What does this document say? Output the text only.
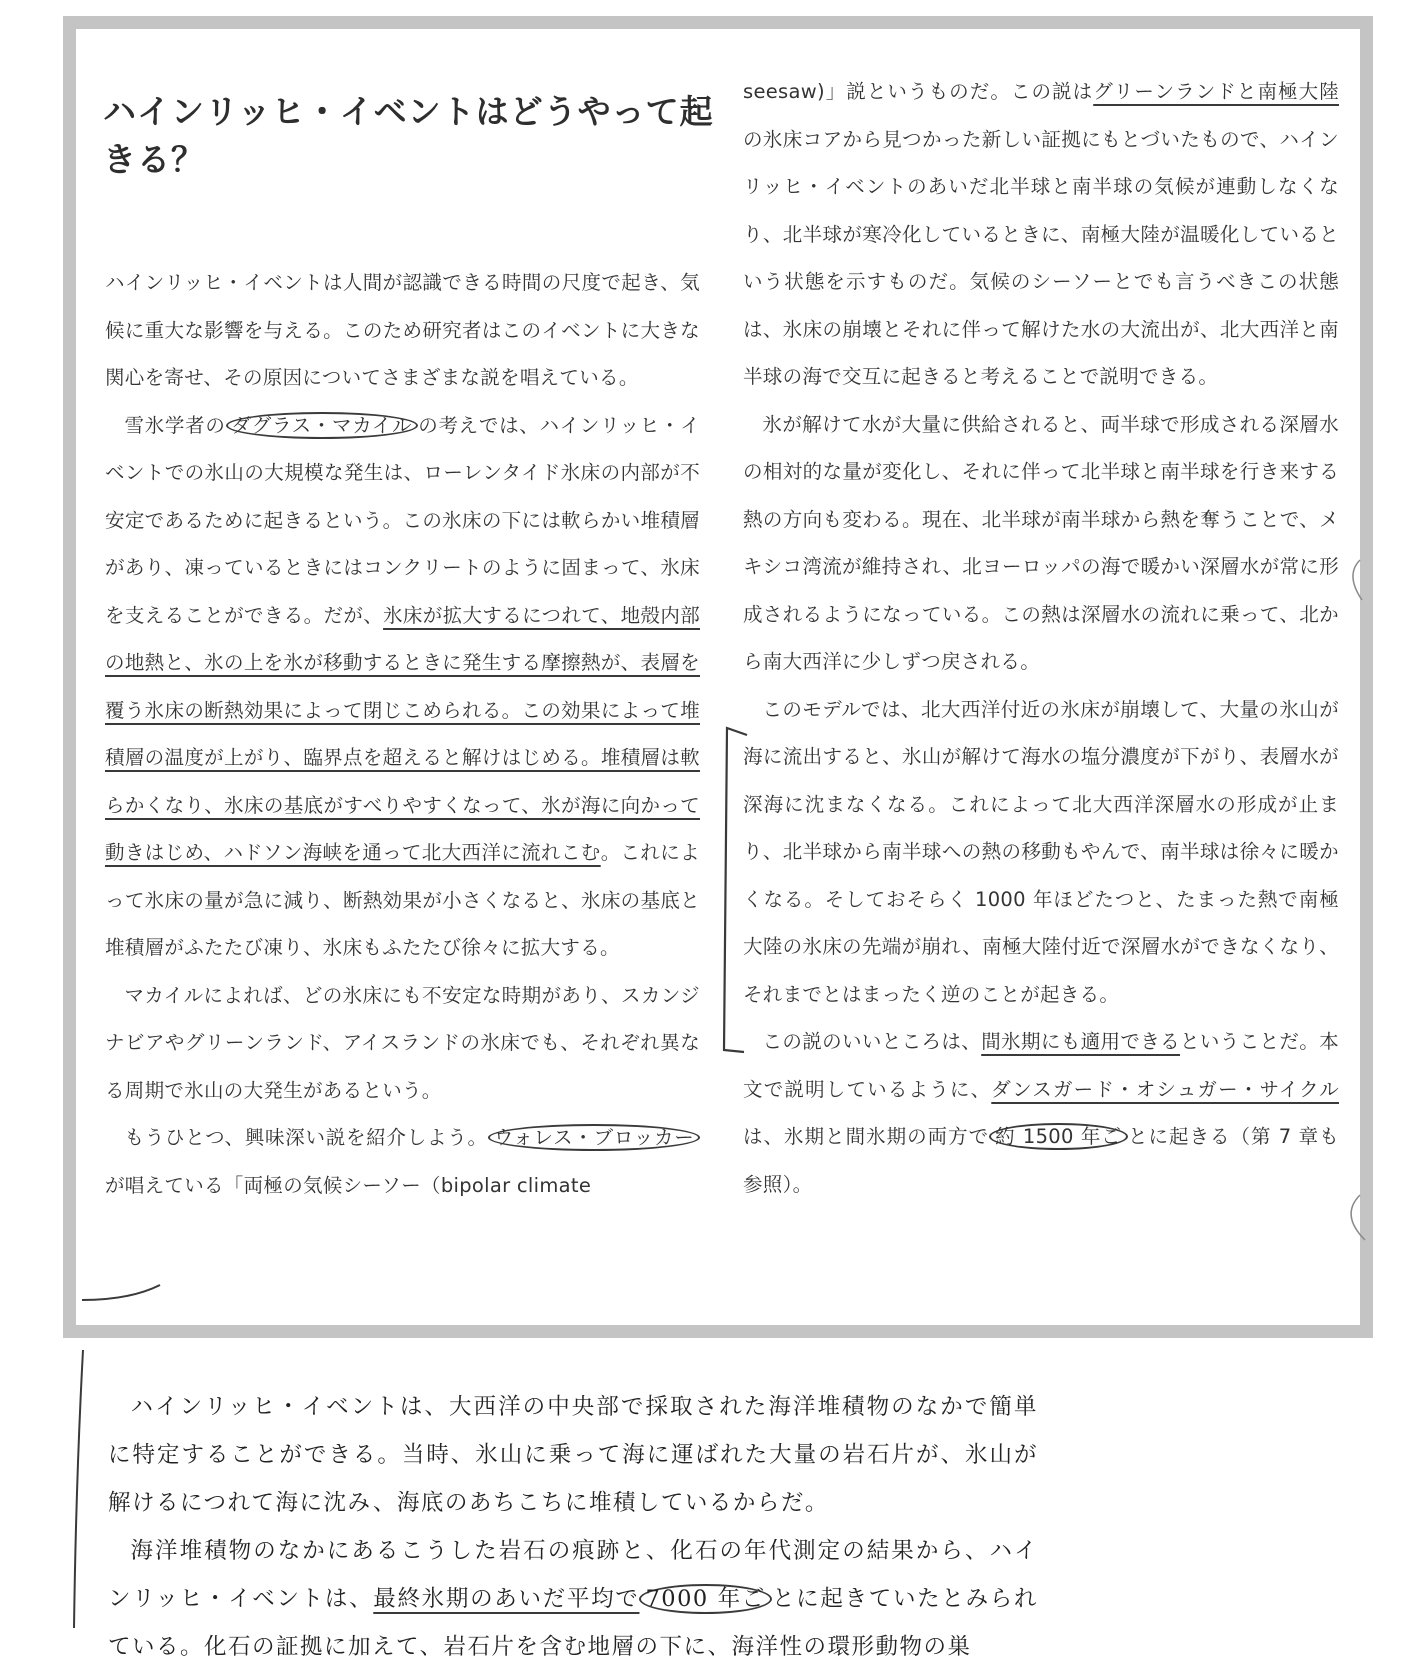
ハインリッヒ・イベントはどうやって起きる？

ハインリッヒ・イベントは人間が認識できる時間の尺度で起き、気候に重大な影響を与える。このため研究者はこのイベントに大きな関心を寄せ、その原因についてさまざまな説を唱えている。

雪氷学者の ダグラス・マカイル の考えでは、ハインリッヒ・イベントでの氷山の大規模な発生は、ローレンタイド氷床の内部が不安定であるために起きるという。この氷床の下には軟らかい堆積層があり、凍っているときにはコンクリートのように固まって、氷床を支えることができる。だが、氷床が拡大するにつれて、地殻内部の地熱と、氷の上を氷が移動するときに発生する摩擦熱が、表層を覆う氷床の断熱効果によって閉じこめられる。この効果によって堆積層の温度が上がり、臨界点を超えると解けはじめる。堆積層は軟らかくなり、氷床の基底がすべりやすくなって、氷が海に向かって動きはじめ、ハドソン海峡を通って北大西洋に流れこむ。これによって氷床の量が急に減り、断熱効果が小さくなると、氷床の基底と堆積層がふたたび凍り、氷床もふたたび徐々に拡大する。

マカイルによれば、どの氷床にも不安定な時期があり、スカンジナビアやグリーンランド、アイスランドの氷床でも、それぞれ異なる周期で氷山の大発生があるという。

もうひとつ、興味深い説を紹介しよう。 ウォレス・ブロッカーが唱えている「両極の気候シーソー（bipolar climate

seesaw)」説というものだ。この説はグリーンランドと南極大陸の氷床コアから見つかった新しい証拠にもとづいたもので、ハインリッヒ・イベントのあいだ北半球と南半球の気候が連動しなくなり、北半球が寒冷化しているときに、南極大陸が温暖化しているという状態を示すものだ。気候のシーソーとでも言うべきこの状態は、氷床の崩壊とそれに伴って解けた水の大流出が、北大西洋と南半球の海で交互に起きると考えることで説明できる。

氷が解けて水が大量に供給されると、両半球で形成される深層水の相対的な量が変化し、それに伴って北半球と南半球を行き来する熱の方向も変わる。現在、北半球が南半球から熱を奪うことで、メキシコ湾流が維持され、北ヨーロッパの海で暖かい深層水が常に形成されるようになっている。この熱は深層水の流れに乗って、北から南大西洋に少しずつ戻される。

このモデルでは、北大西洋付近の氷床が崩壊して、大量の氷山が海に流出すると、氷山が解けて海水の塩分濃度が下がり、表層水が深海に沈まなくなる。これによって北大西洋深層水の形成が止まり、北半球から南半球への熱の移動もやんで、南半球は徐々に暖かくなる。そしておそらく 1000 年ほどたつと、たまった熱で南極大陸の氷床の先端が崩れ、南極大陸付近で深層水ができなくなり、それまでとはまったく逆のことが起きる。

この説のいいところは、間氷期にも適用できるということだ。本文で説明しているように、ダンスガード・オシュガー・サイクルは、氷期と間氷期の両方で 約 1500 年ご とに起きる（第 7 章も参照）。

ハインリッヒ・イベントは、大西洋の中央部で採取された海洋堆積物のなかで簡単に特定することができる。当時、氷山に乗って海に運ばれた大量の岩石片が、氷山が解けるにつれて海に沈み、海底のあちこちに堆積しているからだ。

海洋堆積物のなかにあるこうした岩石の痕跡と、化石の年代測定の結果から、ハインリッヒ・イベントは、最終氷期のあいだ平均で 7000 年ご とに起きていたとみられている。化石の証拠に加えて、岩石片を含む地層の下に、海洋性の環形動物の巣
